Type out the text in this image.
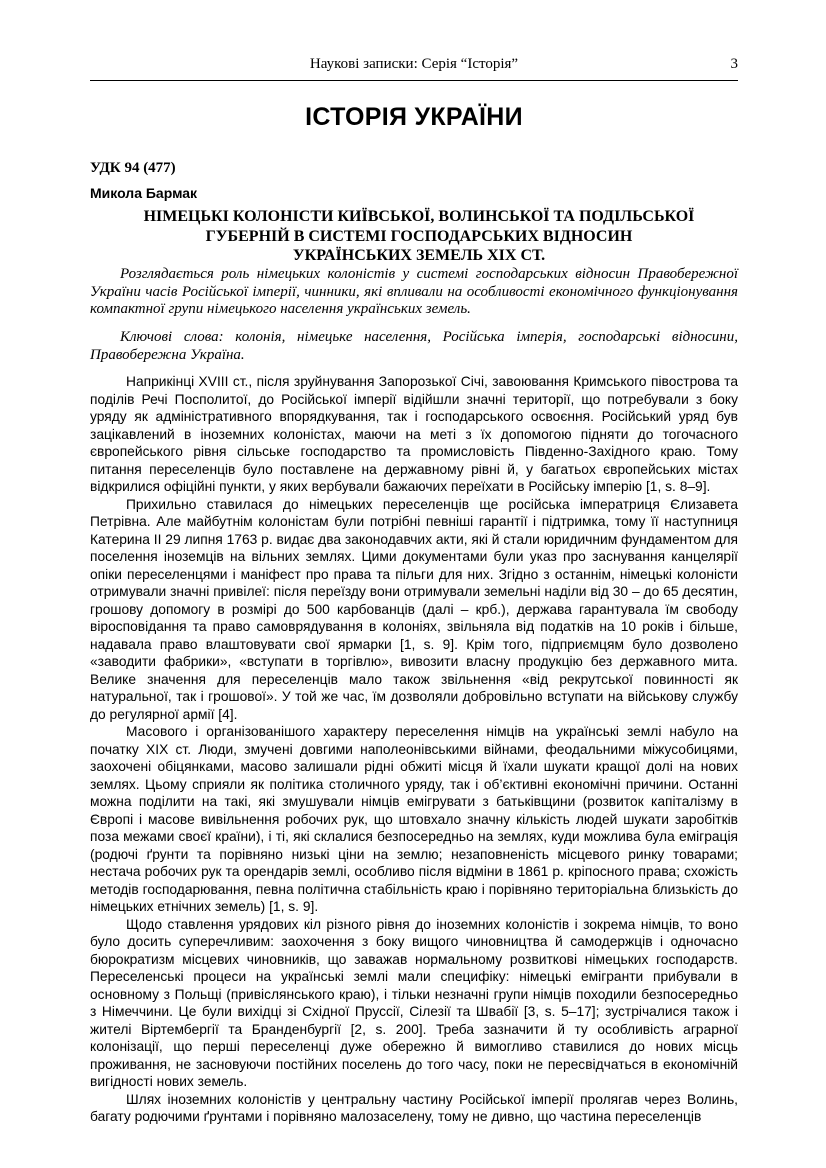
Наукові записки: Серія “Історія”	3
ІСТОРІЯ УКРАЇНИ
УДК 94 (477)
Микола Бармак
НІМЕЦЬКІ КОЛОНІСТИ КИЇВСЬКОЇ, ВОЛИНСЬКОЇ ТА ПОДІЛЬСЬКОЇ
ГУБЕРНІЙ В СИСТЕМІ ГОСПОДАРСЬКИХ ВІДНОСИН
УКРАЇНСЬКИХ ЗЕМЕЛЬ ХІХ СТ.

Розглядається роль німецьких колоністів у системі господарських відносин Правобережної України часів Російської імперії, чинники, які впливали на особливості економічного функціонування компактної групи німецького населення українських земель.

Ключові слова: колонія, німецьке населення, Російська імперія, господарські відносини, Правобережна Україна.

Наприкінці XVIII ст., після зруйнування Запорозької Січі, завоювання Кримського півострова та поділів Речі Посполитої, до Російської імперії відійшли значні території, що потребували з боку уряду як адміністративного впорядкування, так і господарського освоєння. Російський уряд був зацікавлений в іноземних колоністах, маючи на меті з їх допомогою підняти до тогочасного європейського рівня сільське господарство та промисловість Південно-Західного краю. Тому питання переселенців було поставлене на державному рівні й, у багатьох європейських містах відкрилися офіційні пункти, у яких вербували бажаючих переїхати в Російську імперію [1, s. 8–9].

Прихильно ставилася до німецьких переселенців ще російська імператриця Єлизавета Петрівна. Але майбутнім колоністам були потрібні певніші гарантії і підтримка, тому її наступниця Катерина ІІ 29 липня 1763 р. видає два законодавчих акти, які й стали юридичним фундаментом для поселення іноземців на вільних землях. Цими документами були указ про заснування канцелярії опіки переселенцями і маніфест про права та пільги для них. Згідно з останнім, німецькі колоністи отримували значні привілеї: після переїзду вони отримували земельні наділи від 30 – до 65 десятин, грошову допомогу в розмірі до 500 карбованців (далі – крб.), держава гарантувала їм свободу віросповідання та право самоврядування в колоніях, звільняла від податків на 10 років і більше, надавала право влаштовувати свої ярмарки [1, s. 9]. Крім того, підприємцям було дозволено «заводити фабрики», «вступати в торгівлю», вивозити власну продукцію без державного мита. Велике значення для переселенців мало також звільнення «від рекрутської повинності як натуральної, так і грошової». У той же час, їм дозволяли добровільно вступати на військову службу до регулярної армії [4].

Масового і організованішого характеру переселення німців на українські землі набуло на початку ХІХ ст. Люди, змучені довгими наполеонівськими війнами, феодальними міжусобицями, заохочені обіцянками, масово залишали рідні обжиті місця й їхали шукати кращої долі на нових землях. Цьому сприяли як політика столичного уряду, так і об’єктивні економічні причини. Останні можна поділити на такі, які змушували німців емігрувати з батьківщини (розвиток капіталізму в Європі і масове вивільнення робочих рук, що штовхало значну кількість людей шукати заробітків поза межами своєї країни), і ті, які склалися безпосередньо на землях, куди можлива була еміграція (родючі ґрунти та порівняно низькі ціни на землю; незаповненість місцевого ринку товарами; нестача робочих рук та орендарів землі, особливо після відміни в 1861 р. кріпосного права; схожість методів господарювання, певна політична стабільність краю і порівняно територіальна близькість до німецьких етнічних земель) [1, s. 9].

Щодо ставлення урядових кіл різного рівня до іноземних колоністів і зокрема німців, то воно було досить суперечливим: заохочення з боку вищого чиновництва й самодержців і одночасно бюрократизм місцевих чиновників, що заважав нормальному розвиткові німецьких господарств. Переселенські процеси на українські землі мали специфіку: німецькі емігранти прибували в основному з Польщі (привіслянського краю), і тільки незначні групи німців походили безпосередньо з Німеччини. Це були вихідці зі Східної Пруссії, Сілезії та Швабії [3, s. 5–17]; зустрічалися також і жителі Віртембергії та Бранденбургії [2, s. 200]. Треба зазначити й ту особливість аграрної колонізації, що перші переселенці дуже обережно й вимогливо ставилися до нових місць проживання, не засновуючи постійних поселень до того часу, поки не пересвідчаться в економічній вигідності нових земель.

Шлях іноземних колоністів у центральну частину Російської імперії пролягав через Волинь, багату родючими ґрунтами і порівняно малозаселену, тому не дивно, що частина переселенців
